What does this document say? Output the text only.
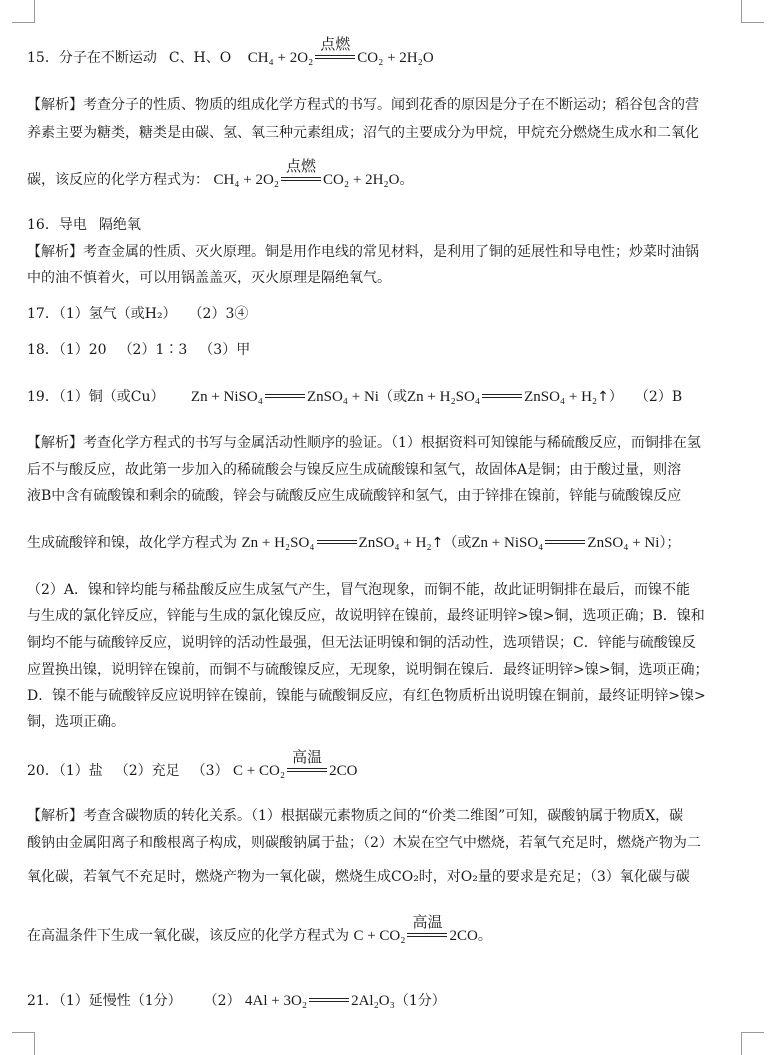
15．分子在不断运动 C、H、O CH₄ + 2O₂
点燃
CO₂ + 2H₂O
【解析】考查分子的性质、物质的组成化学方程式的书写。闻到花香的原因是分子在不断运动；稻谷包含的营
养素主要为糖类，糖类是由碳、氢、氧三种元素组成；沼气的主要成分为甲烷，甲烷充分燃烧生成水和二氧化
碳，该反应的化学方程式为： CH₄ + 2O₂
点燃
CO₂ + 2H₂O。
16．导电 隔绝氧
【解析】考查金属的性质、灭火原理。铜是用作电线的常见材料，是利用了铜的延展性和导电性；炒菜时油锅
中的油不慎着火，可以用锅盖盖灭，灭火原理是隔绝氧气。
17．（1）氢气（或H₂） （2）3④
18．（1）20 （2）1∶3 （3）甲
19．（1）铜（或Cu） Zn + NiSO₄	ZnSO₄ + Ni（或Zn + H₂SO₄	ZnSO₄ + H₂↑） （2）B
【解析】考查化学方程式的书写与金属活动性顺序的验证。（1）根据资料可知镍能与稀硫酸反应，而铜排在氢
后不与酸反应，故此第一步加入的稀硫酸会与镍反应生成硫酸镍和氢气，故固体A是铜；由于酸过量，则溶
液B中含有硫酸镍和剩余的硫酸，锌会与硫酸反应生成硫酸锌和氢气，由于锌排在镍前，锌能与硫酸镍反应
生成硫酸锌和镍，故化学方程式为 Zn + H₂SO₄	ZnSO₄ + H₂↑（或Zn + NiSO₄	ZnSO₄ + Ni）；
（2）A．镍和锌均能与稀盐酸反应生成氢气产生，冒气泡现象，而铜不能，故此证明铜排在最后，而镍不能
与生成的氯化锌反应，锌能与生成的氯化镍反应，故说明锌在镍前，最终证明锌>镍>铜，选项正确；B．镍和
铜均不能与硫酸锌反应，说明锌的活动性最强，但无法证明镍和铜的活动性，选项错误；C．锌能与硫酸镍反
应置换出镍，说明锌在镍前，而铜不与硫酸镍反应，无现象，说明铜在镍后．最终证明锌>镍>铜，选项正确；
D．镍不能与硫酸锌反应说明锌在镍前，镍能与硫酸铜反应，有红色物质析出说明镍在铜前，最终证明锌>镍>
铜，选项正确。
20．（1）盐 （2）充足 （3） C + CO₂
高温
2CO
【解析】考查含碳物质的转化关系。（1）根据碳元素物质之间的“价类二维图”可知，碳酸钠属于物质X，碳
酸钠由金属阳离子和酸根离子构成，则碳酸钠属于盐；（2）木炭在空气中燃烧，若氧气充足时，燃烧产物为二
氧化碳，若氧气不充足时，燃烧产物为一氧化碳，燃烧生成CO₂时，对O₂量的要求是充足；（3）氧化碳与碳
在高温条件下生成一氧化碳，该反应的化学方程式为 C + CO₂
高温
2CO。
21．（1）延慢性（1分） （2） 4Al + 3O₂	2Al₂O₃（1分）
